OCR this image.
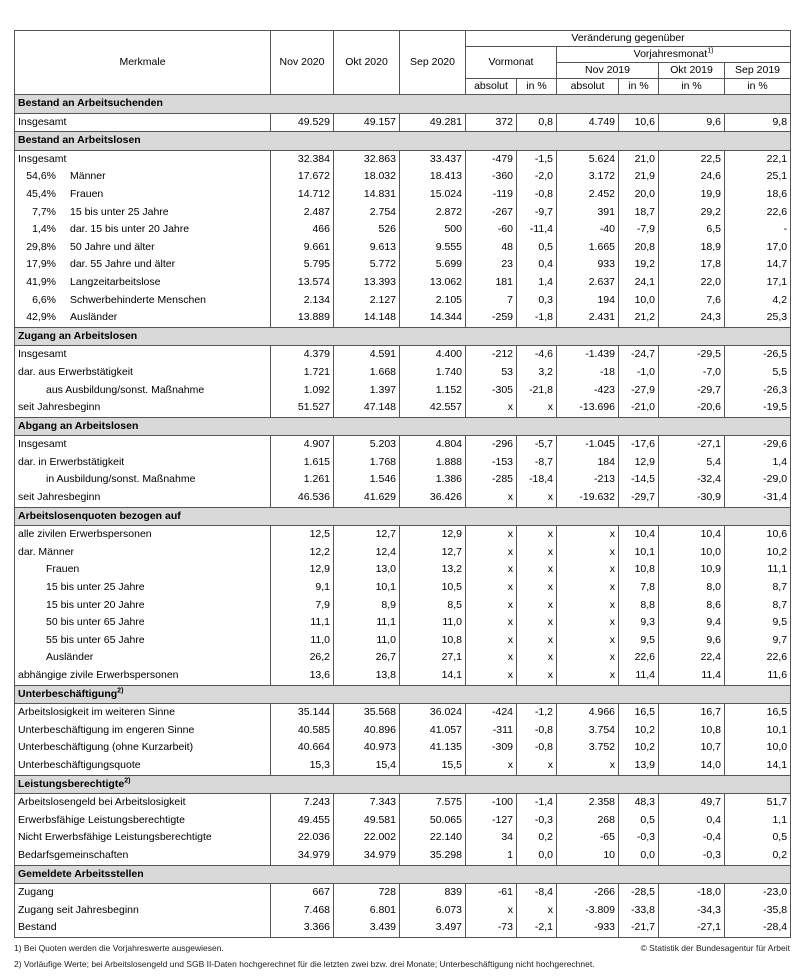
Merkmale	Nov 2020	Okt 2020	Sep 2020	Veränderung gegenüber					
				Vormonat		Vorjahresmonat$^{1)}$
						Nov 2019		Okt 2019	Sep 2019
				absolut	in %	absolut	in %	in %	in %
Bestand an Arbeitsuchenden									
Insgesamt	49.529	49.157	49.281	372	0,8	4.749	10,6	9,6	9,8
Bestand an Arbeitslosen									
Insgesamt	32.384	32.863	33.437	-479	-1,5	5.624	21,0	22,5	22,1
54,6% Männer	17.672	18.032	18.413	-360	-2,0	3.172	21,9	24,6	25,1
45,4% Frauen	14.712	14.831	15.024	-119	-0,8	2.452	20,0	19,9	18,6
7,7% 15 bis unter 25 Jahre	2.487	2.754	2.872	-267	-9,7	391	18,7	29,2	22,6
1,4% dar. 15 bis unter 20 Jahre	466	526	500	-60	-11,4	-40	-7,9	6,5	-
29,8% 50 Jahre und älter	9.661	9.613	9.555	48	0,5	1.665	20,8	18,9	17,0
17,9% dar. 55 Jahre und älter	5.795	5.772	5.699	23	0,4	933	19,2	17,8	14,7
41,9% Langzeitarbeitslose	13.574	13.393	13.062	181	1,4	2.637	24,1	22,0	17,1
6,6% Schwerbehinderte Menschen	2.134	2.127	2.105	7	0,3	194	10,0	7,6	4,2
42,9% Ausländer	13.889	14.148	14.344	-259	-1,8	2.431	21,2	24,3	25,3
Zugang an Arbeitslosen									
Insgesamt	4.379	4.591	4.400	-212	-4,6	-1.439	-24,7	-29,5	-26,5
dar. aus Erwerbstätigkeit	1.721	1.668	1.740	53	3,2	-18	-1,0	-7,0	5,5
aus Ausbildung/sonst. Maßnahme	1.092	1.397	1.152	-305	-21,8	-423	-27,9	-29,7	-26,3
seit Jahresbeginn	51.527	47.148	42.557	x	x	-13.696	-21,0	-20,6	-19,5
Abgang an Arbeitslosen									
Insgesamt	4.907	5.203	4.804	-296	-5,7	-1.045	-17,6	-27,1	-29,6
dar. in Erwerbstätigkeit	1.615	1.768	1.888	-153	-8,7	184	12,9	5,4	1,4
in Ausbildung/sonst. Maßnahme	1.261	1.546	1.386	-285	-18,4	-213	-14,5	-32,4	-29,0
seit Jahresbeginn	46.536	41.629	36.426	x	x	-19.632	-29,7	-30,9	-31,4
Arbeitslosenquoten bezogen auf									
alle zivilen Erwerbspersonen	12,5	12,7	12,9	x	x	x	10,4	10,4	10,6
dar. Männer	12,2	12,4	12,7	x	x	x	10,1	10,0	10,2
Frauen	12,9	13,0	13,2	x	x	x	10,8	10,9	11,1
15 bis unter 25 Jahre	9,1	10,1	10,5	x	x	x	7,8	8,0	8,7
15 bis unter 20 Jahre	7,9	8,9	8,5	x	x	x	8,8	8,6	8,7
50 bis unter 65 Jahre	11,1	11,1	11,0	x	x	x	9,3	9,4	9,5
55 bis unter 65 Jahre	11,0	11,0	10,8	x	x	x	9,5	9,6	9,7
Ausländer	26,2	26,7	27,1	x	x	x	22,6	22,4	22,6
abhängige zivile Erwerbspersonen	13,6	13,8	14,1	x	x	x	11,4	11,4	11,6
Unterbeschäftigung$^{2)}$									
Arbeitslosigkeit im weiteren Sinne	35.144	35.568	36.024	-424	-1,2	4.966	16,5	16,7	16,5
Unterbeschäftigung im engeren Sinne	40.585	40.896	41.057	-311	-0,8	3.754	10,2	10,8	10,1
Unterbeschäftigung (ohne Kurzarbeit)	40.664	40.973	41.135	-309	-0,8	3.752	10,2	10,7	10,0
Unterbeschäftigungsquote	15,3	15,4	15,5	x	x	x	13,9	14,0	14,1
Leistungsberechtigte$^{2)}$									
Arbeitslosengeld bei Arbeitslosigkeit	7.243	7.343	7.575	-100	-1,4	2.358	48,3	49,7	51,7
Erwerbsfähige Leistungsberechtigte	49.455	49.581	50.065	-127	-0,3	268	0,5	0,4	1,1
Nicht Erwerbsfähige Leistungsberechtigte	22.036	22.002	22.140	34	0,2	-65	-0,3	-0,4	0,5
Bedarfsgemeinschaften	34.979	34.979	35.298	1	0,0	10	0,0	-0,3	0,2
Gemeldete Arbeitsstellen									
Zugang	667	728	839	-61	-8,4	-266	-28,5	-18,0	-23,0
Zugang seit Jahresbeginn	7.468	6.801	6.073	x	x	-3.809	-33,8	-34,3	-35,8
Bestand	3.366	3.439	3.497	-73	-2,1	-933	-21,7	-27,1	-28,4
1) Bei Quoten werden die Vorjahreswerte ausgewiesen.	© Statistik der Bundesagentur für Arbeit
2) Vorläufige Werte; bei Arbeitslosengeld und SGB II-Daten hochgerechnet für die letzten zwei bzw. drei Monate; Unterbeschäftigung nicht hochgerechnet.
